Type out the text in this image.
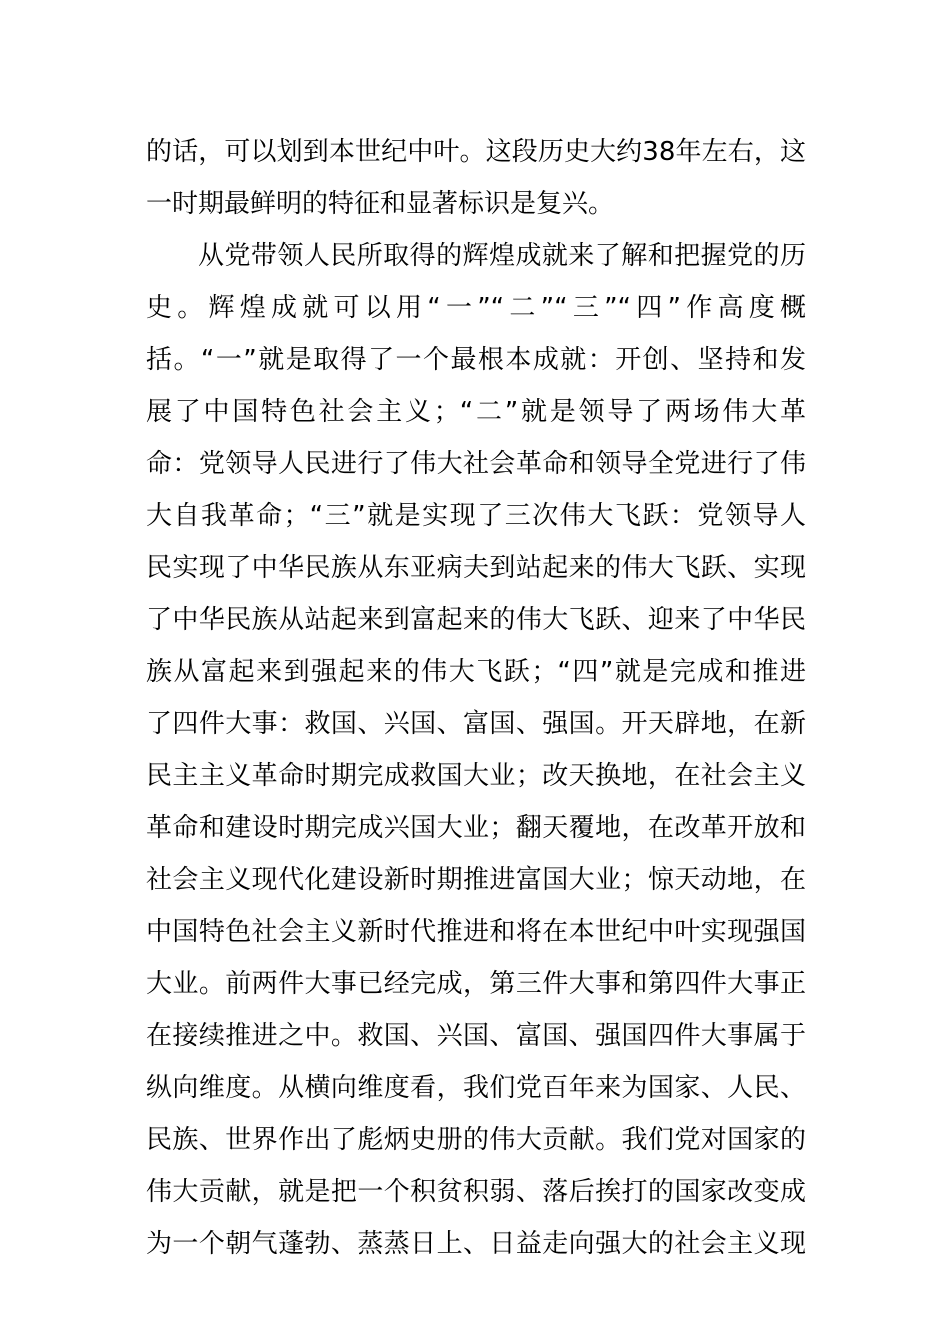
的话，可以划到本世纪中叶。这段历史大约38年左右，这
一时期最鲜明的特征和显著标识是复兴。
从党带领人民所取得的辉煌成就来了解和把握党的历
史。辉煌成就可以用“一”“二”“三”“四”作高度概
括。“一”就是取得了一个最根本成就：开创、坚持和发
展了中国特色社会主义；“二”就是领导了两场伟大革
命：党领导人民进行了伟大社会革命和领导全党进行了伟
大自我革命；“三”就是实现了三次伟大飞跃：党领导人
民实现了中华民族从东亚病夫到站起来的伟大飞跃、实现
了中华民族从站起来到富起来的伟大飞跃、迎来了中华民
族从富起来到强起来的伟大飞跃；“四”就是完成和推进
了四件大事：救国、兴国、富国、强国。开天辟地，在新
民主主义革命时期完成救国大业；改天换地，在社会主义
革命和建设时期完成兴国大业；翻天覆地，在改革开放和
社会主义现代化建设新时期推进富国大业；惊天动地，在
中国特色社会主义新时代推进和将在本世纪中叶实现强国
大业。前两件大事已经完成，第三件大事和第四件大事正
在接续推进之中。救国、兴国、富国、强国四件大事属于
纵向维度。从横向维度看，我们党百年来为国家、人民、
民族、世界作出了彪炳史册的伟大贡献。我们党对国家的
伟大贡献，就是把一个积贫积弱、落后挨打的国家改变成
为一个朝气蓬勃、蒸蒸日上、日益走向强大的社会主义现
